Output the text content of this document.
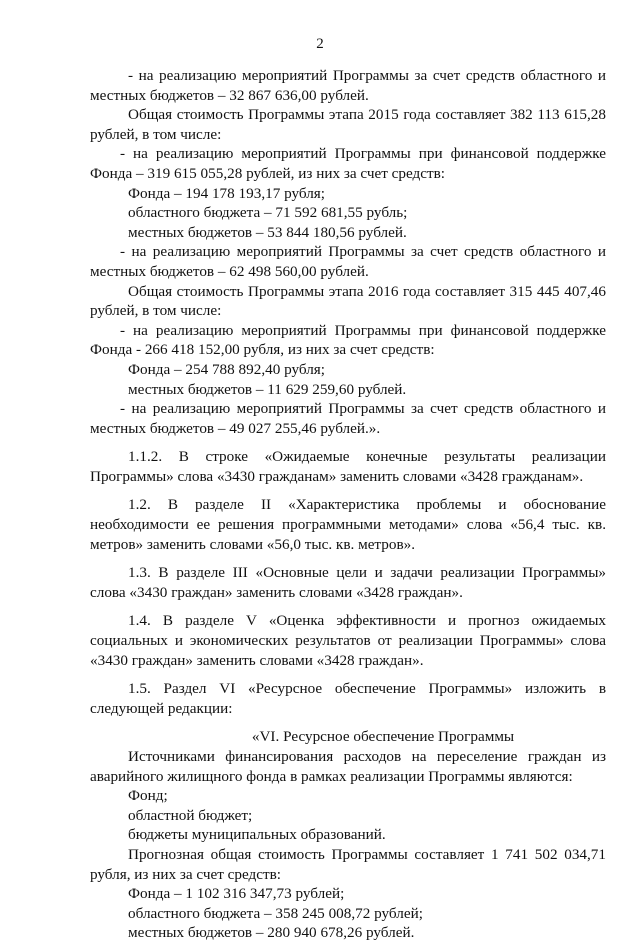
2

- на реализацию мероприятий Программы за счет средств областного и местных бюджетов – 32 867 636,00 рублей.

Общая стоимость Программы этапа 2015 года составляет 382 113 615,28 рублей, в том числе:

- на реализацию мероприятий Программы при финансовой поддержке Фонда – 319 615 055,28 рублей, из них за счет средств:

Фонда – 194 178 193,17 рубля;

областного бюджета – 71 592 681,55 рубль;

местных бюджетов – 53 844 180,56 рублей.

- на реализацию мероприятий Программы за счет средств областного и местных бюджетов – 62 498 560,00 рублей.

Общая стоимость Программы этапа 2016 года составляет 315 445 407,46 рублей, в том числе:

- на реализацию мероприятий Программы при финансовой поддержке Фонда - 266 418 152,00 рубля, из них за счет средств:

Фонда – 254 788 892,40 рубля;

местных бюджетов – 11 629 259,60 рублей.

- на реализацию мероприятий Программы за счет средств областного и местных бюджетов – 49 027 255,46 рублей.».

1.1.2. В строке «Ожидаемые конечные результаты реализации Программы» слова «3430 гражданам» заменить словами «3428 гражданам».

1.2. В разделе II «Характеристика проблемы и обоснование необходимости ее решения программными методами» слова «56,4 тыс. кв. метров» заменить словами «56,0 тыс. кв. метров».

1.3. В разделе III «Основные цели и задачи реализации Программы» слова «3430 граждан» заменить словами «3428 граждан».

1.4. В разделе V «Оценка эффективности и прогноз ожидаемых социальных и экономических результатов от реализации Программы» слова «3430 граждан» заменить словами «3428 граждан».

1.5. Раздел VI «Ресурсное обеспечение Программы» изложить в следующей редакции:

«VI. Ресурсное обеспечение Программы

Источниками финансирования расходов на переселение граждан из аварийного жилищного фонда в рамках реализации Программы являются:

Фонд;

областной бюджет;

бюджеты муниципальных образований.

Прогнозная общая стоимость Программы составляет 1 741 502 034,71 рубля, из них за счет средств:

Фонда – 1 102 316 347,73 рублей;

областного бюджета – 358 245 008,72 рублей;

местных бюджетов – 280 940 678,26 рублей.
